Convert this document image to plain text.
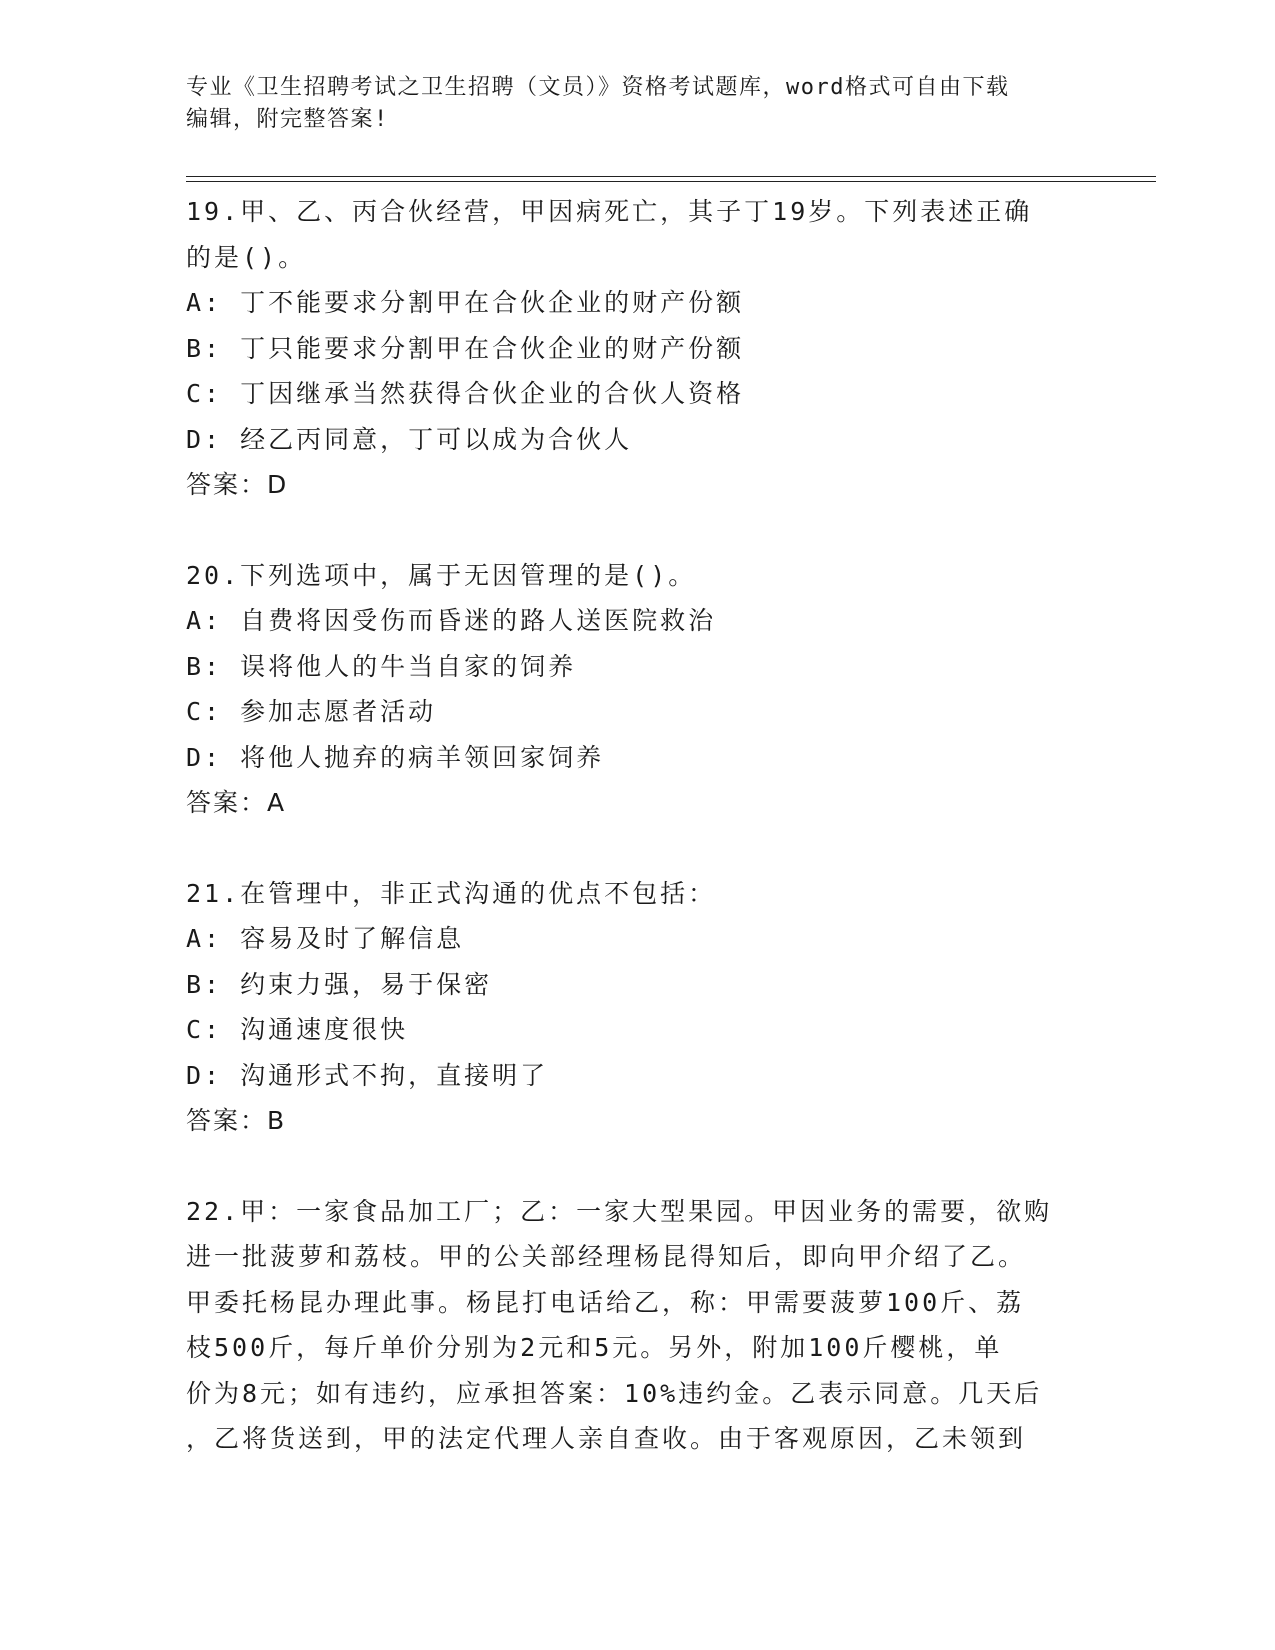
专业《卫生招聘考试之卫生招聘（文员）》资格考试题库，word格式可自由下载
编辑，附完整答案!
19.甲、乙、丙合伙经营，甲因病死亡，其子丁19岁。下列表述正确
的是()。
A: 丁不能要求分割甲在合伙企业的财产份额
B: 丁只能要求分割甲在合伙企业的财产份额
C: 丁因继承当然获得合伙企业的合伙人资格
D: 经乙丙同意，丁可以成为合伙人
答案：D
20.下列选项中，属于无因管理的是()。
A: 自费将因受伤而昏迷的路人送医院救治
B: 误将他人的牛当自家的饲养
C: 参加志愿者活动
D: 将他人抛弃的病羊领回家饲养
答案：A
21.在管理中，非正式沟通的优点不包括：
A: 容易及时了解信息
B: 约束力强，易于保密
C: 沟通速度很快
D: 沟通形式不拘，直接明了
答案：B
22.甲：一家食品加工厂；乙：一家大型果园。甲因业务的需要，欲购
进一批菠萝和荔枝。甲的公关部经理杨昆得知后，即向甲介绍了乙。
甲委托杨昆办理此事。杨昆打电话给乙，称：甲需要菠萝100斤、荔
枝500斤，每斤单价分别为2元和5元。另外，附加100斤樱桃，单
价为8元；如有违约，应承担答案：10%违约金。乙表示同意。几天后
，乙将货送到，甲的法定代理人亲自查收。由于客观原因，乙未领到
